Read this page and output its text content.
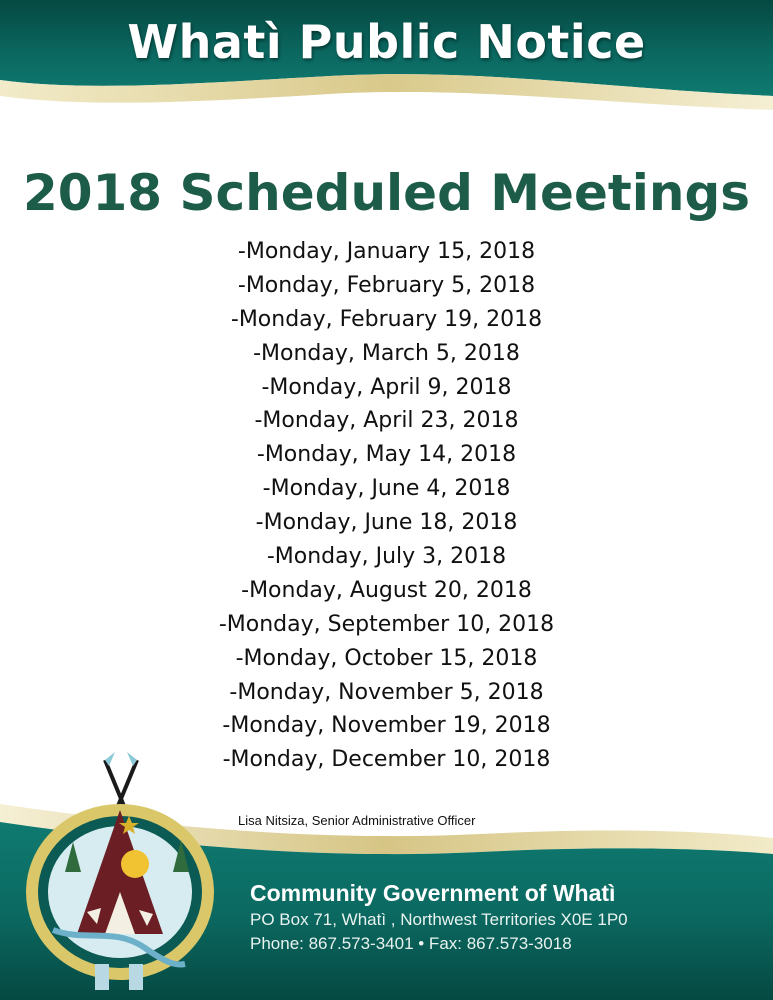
Whatì Public Notice
2018 Scheduled Meetings
-Monday, January 15, 2018
-Monday, February 5, 2018
-Monday, February 19, 2018
-Monday, March 5, 2018
-Monday, April 9, 2018
-Monday, April 23, 2018
-Monday, May 14, 2018
-Monday, June 4, 2018
-Monday, June 18, 2018
-Monday, July 3, 2018
-Monday, August 20, 2018
-Monday, September 10, 2018
-Monday, October 15, 2018
-Monday, November 5, 2018
-Monday, November 19, 2018
-Monday, December 10, 2018
Lisa Nitsiza, Senior Administrative Officer
Community Government of Whatì
PO Box 71, Whatì , Northwest Territories X0E 1P0
Phone: 867.573-3401 • Fax: 867.573-3018
